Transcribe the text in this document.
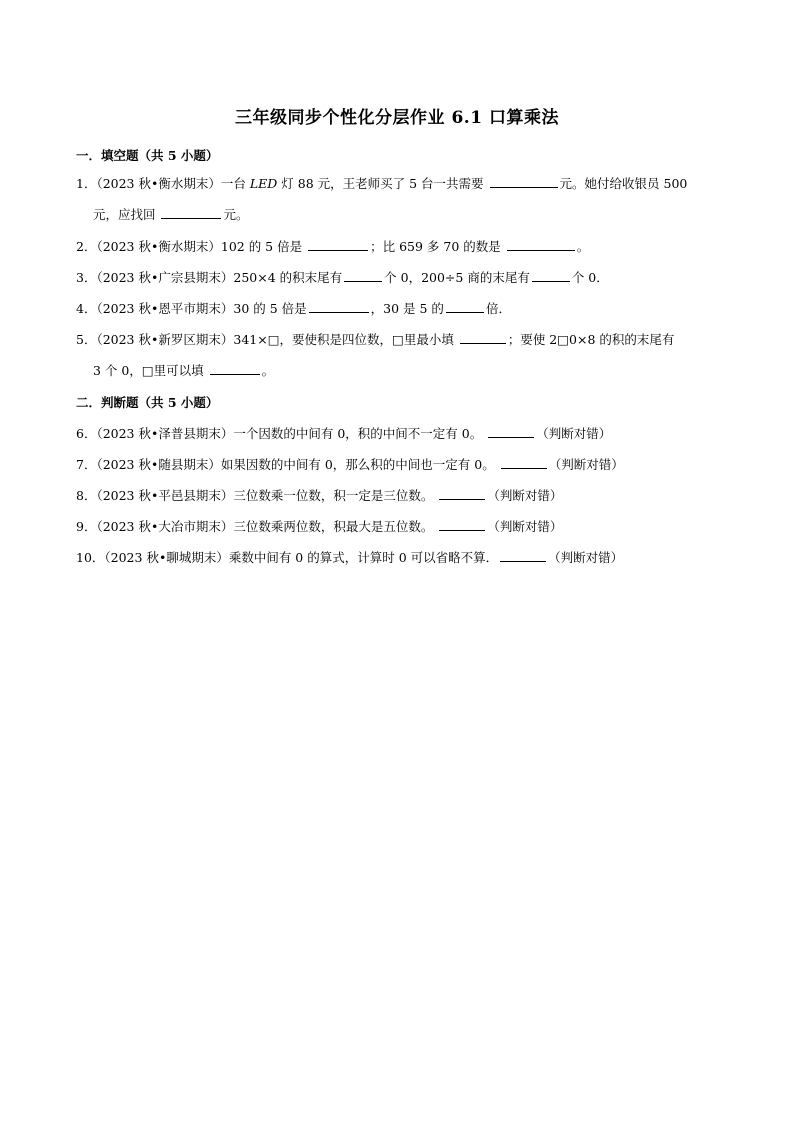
三年级同步个性化分层作业 6.1 口算乘法
一．填空题（共 5 小题）
1．（2023 秋•衡水期末）一台 LED 灯 88 元，王老师买了 5 台一共需要	元。她付给收银员 500
元，应找回	元。
2．（2023 秋•衡水期末）102 的 5 倍是	；比 659 多 70 的数是	。
3．（2023 秋•广宗县期末）250×4 的积末尾有	个 0，200÷5 商的末尾有	个 0．
4．（2023 秋•恩平市期末）30 的 5 倍是	，30 是 5 的	倍．
5．（2023 秋•新罗区期末）341×□，要使积是四位数，□里最小填	；要使 2□0×8 的积的末尾有
3 个 0，□里可以填	。
二．判断题（共 5 小题）
6．（2023 秋•泽普县期末）一个因数的中间有 0，积的中间不一定有 0。	（判断对错）
7．（2023 秋•随县期末）如果因数的中间有 0，那么积的中间也一定有 0。	（判断对错）
8．（2023 秋•平邑县期末）三位数乘一位数，积一定是三位数。	（判断对错）
9．（2023 秋•大冶市期末）三位数乘两位数，积最大是五位数。	（判断对错）
10．（2023 秋•聊城期末）乘数中间有 0 的算式，计算时 0 可以省略不算．	（判断对错）
